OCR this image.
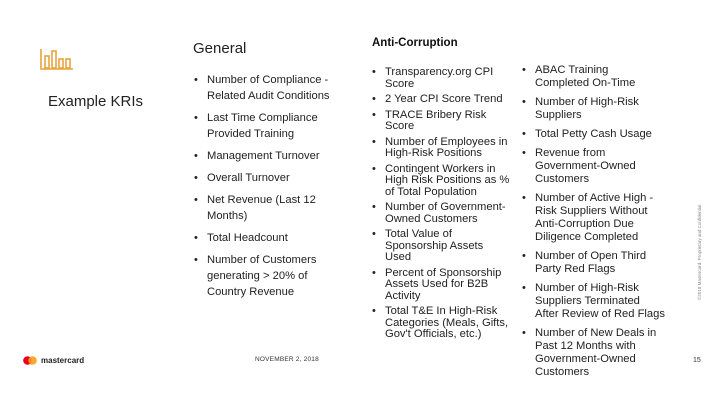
General
Example KRIs
• Number of Compliance -Related Audit Conditions
• Last Time Compliance Provided Training
• Management Turnover
• Overall Turnover
• Net Revenue (Last 12 Months)
• Total Headcount
• Number of Customers generating > 20% of Country Revenue
Anti-Corruption
• Transparency.org CPI Score
• 2 Year CPI Score Trend
• TRACE Bribery Risk Score
• Number of Employees in High-Risk Positions
• Contingent Workers in High Risk Positions as % of Total Population
• Number of Government-Owned Customers
• Total Value of Sponsorship Assets Used
• Percent of Sponsorship Assets Used for B2B Activity
• Total T&E In High-Risk Categories (Meals, Gifts, Gov't Officials, etc.)
• ABAC Training Completed On-Time
• Number of High-Risk Suppliers
• Total Petty Cash Usage
• Revenue from Government-Owned Customers
• Number of Active High -Risk Suppliers Without Anti-Corruption Due Diligence Completed
• Number of Open Third Party Red Flags
• Number of High-Risk Suppliers Terminated After Review of Red Flags
• Number of New Deals in Past 12 Months with Government-Owned Customers
mastercard	NOVEMBER 2, 2018	15
©2018 Mastercard. Proprietary and Confidential
